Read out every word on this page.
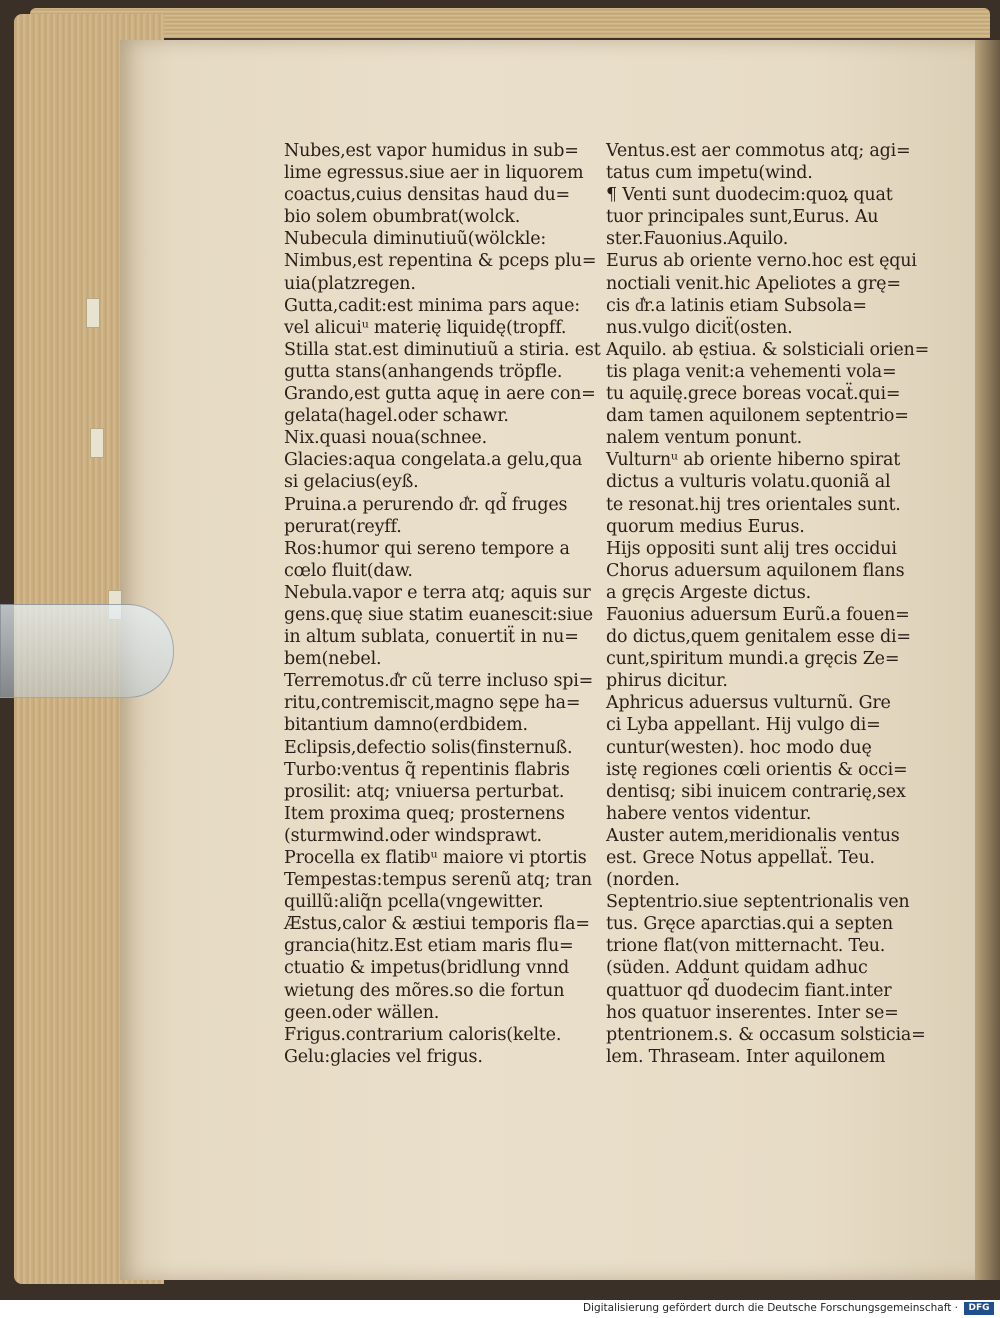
Nubes,est vapor humidus in sub=
lime egressus.siue aer in liquorem
coactus,cuius densitas haud du=
bio solem obumbrat(wolck.
Nubecula diminutiuũ(wölckle:
Nimbus,est repentina & pceps plu=
uia(platzregen.
Gutta,cadit:est minima pars aque:
vel alicuiᵘ materię liquidę(tropff.
Stilla stat.est diminutiuũ a stiria. est
gutta stans(anhangends tröpfle.
Grando,est gutta aquę in aere con=
gelata(hagel.oder schawr.
Nix.quasi noua(schnee.
Glacies:aqua congelata.a gelu,qua
si gelacius(eyß.
Pruina.a perurendo d͛r. qd̃ fruges
perurat(reyff.
Ros:humor qui sereno tempore a
cœlo fluit(daw.
Nebula.vapor e terra atq; aquis sur
gens.quę siue statim euanescit:siue
in altum sublata, conuertiẗ in nu=
bem(nebel.
Terremotus.d͛r cũ terre incluso spi=
ritu,contremiscit,magno sępe ha=
bitantium damno(erdbidem.
Eclipsis,defectio solis(finsternuß.
Turbo:ventus q̃ repentinis flabris
prosilit: atq; vniuersa perturbat.
Item proxima queq; prosternens
(sturmwind.oder windsprawt.
Procella ex flatibᵘ maiore vi ptortis
Tempestas:tempus serenũ atq; tran
quillũ:aliq̃n pcella(vngewitter.
Æstus,calor & æstiui temporis fla=
grancia(hitz.Est etiam maris flu=
ctuatio & impetus(bridlung vnnd
wietung des mõres.so die fortun
geen.oder wällen.
Frigus.contrarium caloris(kelte.
Gelu:glacies vel frigus.
Ventus.est aer commotus atq; agi=
tatus cum impetu(wind.
¶ Venti sunt duodecim:quoꝝ quat
tuor principales sunt,Eurus. Au
ster.Fauonius.Aquilo.
Eurus ab oriente verno.hoc est ęqui
noctiali venit.hic Apeliotes a grę=
cis d͛r.a latinis etiam Subsola=
nus.vulgo diciẗ(osten.
Aquilo. ab ęstiua. & solsticiali orien=
tis plaga venit:a vehementi vola=
tu aquilę.grece boreas vocaẗ.qui=
dam tamen aquilonem septentrio=
nalem ventum ponunt.
Vulturnᵘ ab oriente hiberno spirat
dictus a vulturis volatu.quoniã al
te resonat.hij tres orientales sunt.
quorum medius Eurus.
Hijs oppositi sunt alij tres occidui
Chorus aduersum aquilonem flans
a gręcis Argeste dictus.
Fauonius aduersum Eurũ.a fouen=
do dictus,quem genitalem esse di=
cunt,spiritum mundi.a gręcis Ze=
phirus dicitur.
Aphricus aduersus vulturnũ. Gre
ci Lyba appellant. Hij vulgo di=
cuntur(westen). hoc modo duę
istę regiones cœli orientis & occi=
dentisq; sibi inuicem contrarię,sex
habere ventos videntur.
Auster autem,meridionalis ventus
est. Grece Notus appellaẗ. Teu.
(norden.
Septentrio.siue septentrionalis ven
tus. Gręce aparctias.qui a septen
trione flat(von mitternacht. Teu.
(süden. Addunt quidam adhuc
quattuor qd̃ duodecim fiant.inter
hos quatuor inserentes. Inter se=
ptentrionem.s. & occasum solsticia=
lem. Thraseam. Inter aquilonem
Digitalisierung gefördert durch die Deutsche Forschungsgemeinschaft ·	DFG
